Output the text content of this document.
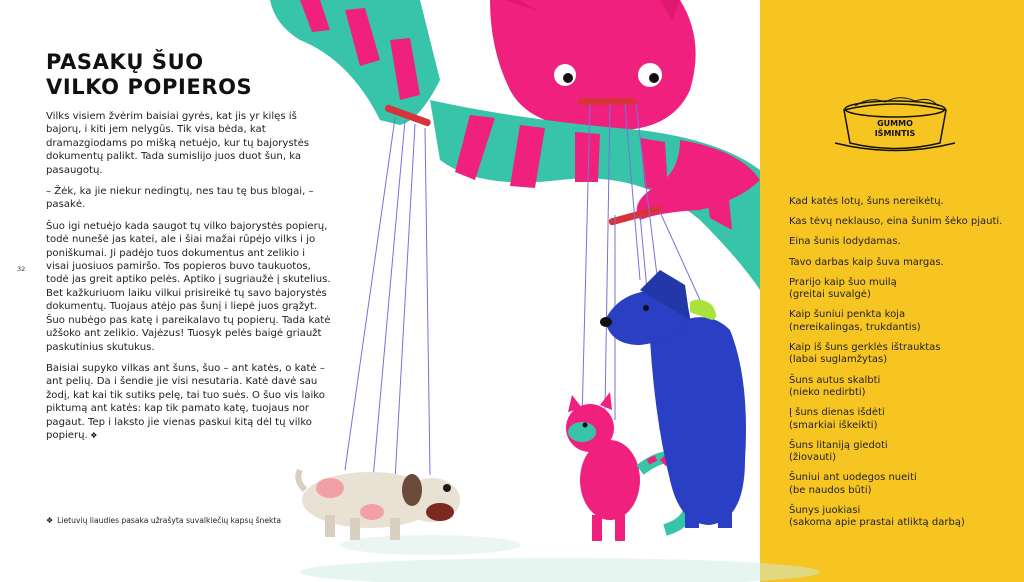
GUMMO
IŠMINTIS
32
PASAKŲ ŠUO
VILKO POPIEROS

Vilks visiem žvėrim baisiai gyrės, kat jis yr kilęs iš bajorų, i kiti jem nelygūs. Tik visa bėda, kat dramazgiodams po mišką netuėjo, kur tų bajorystės dokumentų palikt. Tada sumislijo juos duot šun, ka pasaugotų.

– Žėk, ka jie niekur nedingtų, nes tau tę bus blogai, – pasakė.

Šuo igi netuėjo kada saugot tų vilko bajorystės popierų, todė nunešė jas katei, ale i šiai mažai rūpėjo vilks i jo poniškumai. Ji padėjo tuos dokumentus ant zelikio i visai juosiuos pamiršo. Tos popieros buvo taukuotos, todė jas greit aptiko pelės. Aptiko į sugriaužė į skutelius. Bet kažkuriuom laiku vilkui prisireikė tų savo bajorystės dokumentų. Tuojaus atėjo pas šunį i liepė juos grąžyt. Šuo nubėgo pas katę i pareikalavo tų popierų. Tada katė užšoko ant zelikio. Vajėzus! Tuosyk pelės baigė griaužt paskutinius skutukus.

Baisiai supyko vilkas ant šuns, šuo – ant katės, o katė – ant pelių. Da i šendie jie visi nesutaria. Katė davė sau žodį, kat kai tik sutiks pelę, tai tuo suės. O šuo vis laiko piktumą ant katės: kap tik pamato katę, tuojaus nor pagaut. Tep i laksto jie vienas paskui kitą dėl tų vilko popierų. ❖

❖ Lietuvių liaudies pasaka užrašyta suvalkiečių kapsų šnekta
Kad katės lotų, šuns nereikėtų.
Kas tėvų neklauso, eina šunim šėko pjauti.
Eina šunis lodydamas.
Tavo darbas kaip šuva margas.
Prarijo kaip šuo muilą
(greitai suvalgė)
Kaip šuniui penkta koja
(nereikalingas, trukdantis)
Kaip iš šuns gerklės ištrauktas
(labai suglamžytas)
Šuns autus skalbti
(nieko nedirbti)
Į šuns dienas išdėti
(smarkiai iškeikti)
Šuns litaniją giedoti
(žiovauti)
Šuniui ant uodegos nueiti
(be naudos būti)
Šunys juokiasi
(sakoma apie prastai atliktą darbą)
